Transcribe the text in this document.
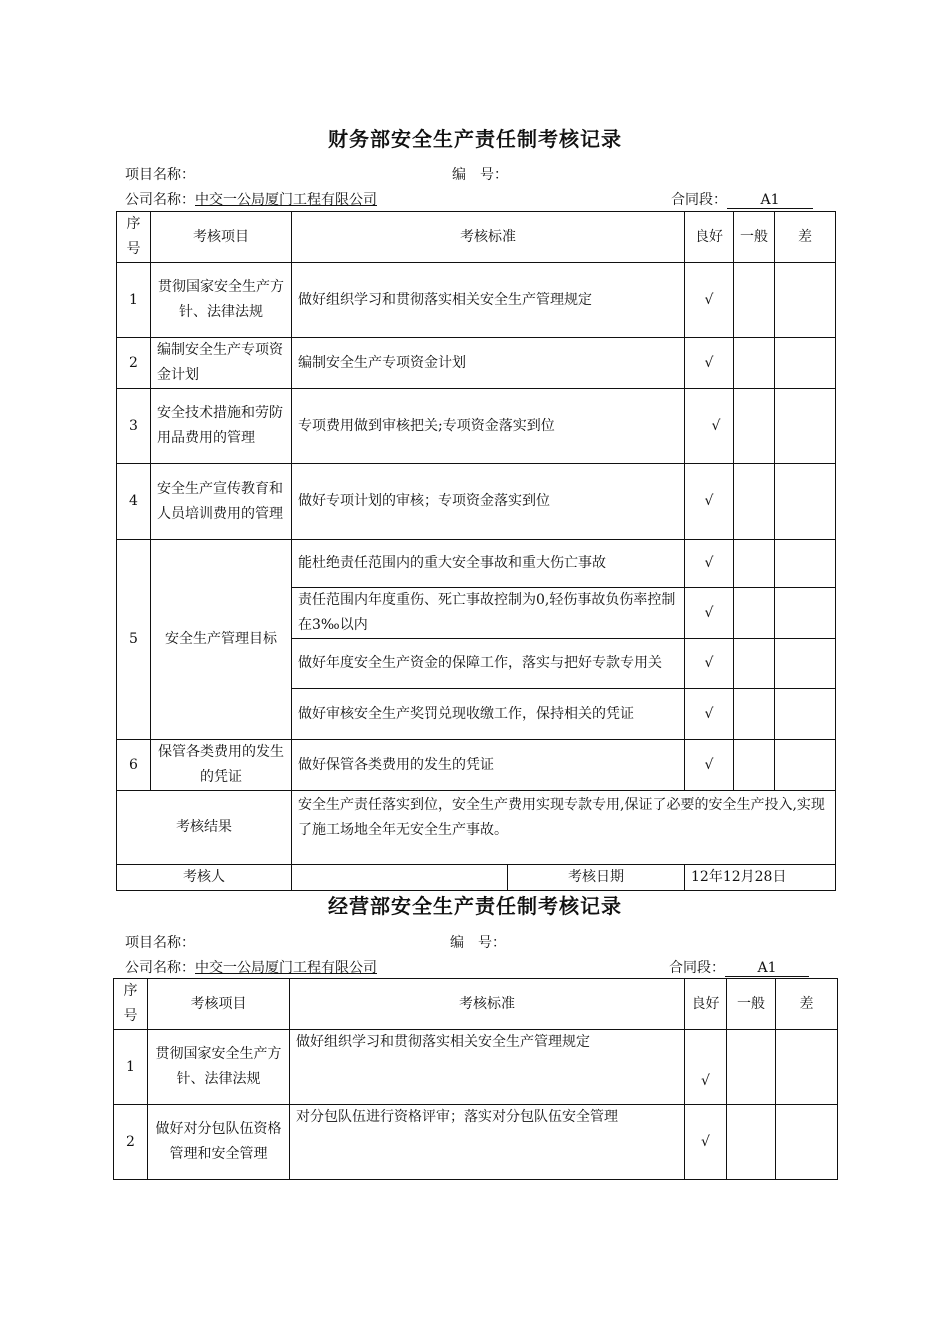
财务部安全生产责任制考核记录
项目名称：	编　号：
公司名称：中交一公局厦门工程有限公司	合同段： A1
序号	考核项目	考核标准	良好	一般	差
1	贯彻国家安全生产方针、法律法规	做好组织学习和贯彻落实相关安全生产管理规定	√		
2	编制安全生产专项资金计划	编制安全生产专项资金计划	√		
3	安全技术措施和劳防用品费用的管理	专项费用做到审核把关;专项资金落实到位	√		
4	安全生产宣传教育和人员培训费用的管理	做好专项计划的审核；专项资金落实到位	√		
5	安全生产管理目标	能杜绝责任范围内的重大安全事故和重大伤亡事故	√		
		责任范围内年度重伤、死亡事故控制为0,轻伤事故负伤率控制在3‰以内	√		
		做好年度安全生产资金的保障工作，落实与把好专款专用关	√		
		做好审核安全生产奖罚兑现收缴工作，保持相关的凭证	√		
6	保管各类费用的发生的凭证	做好保管各类费用的发生的凭证	√		
考核结果		安全生产责任落实到位，安全生产费用实现专款专用,保证了必要的安全生产投入,实现了施工场地全年无安全生产事故。			
考核人		考核日期	12年12月28日		
经营部安全生产责任制考核记录
项目名称：	编　号：
公司名称：中交一公局厦门工程有限公司	合同段： A1
序号	考核项目	考核标准	良好	一般	差
1	贯彻国家安全生产方针、法律法规	做好组织学习和贯彻落实相关安全生产管理规定	√		
2	做好对分包队伍资格管理和安全管理	对分包队伍进行资格评审；落实对分包队伍安全管理	√		
